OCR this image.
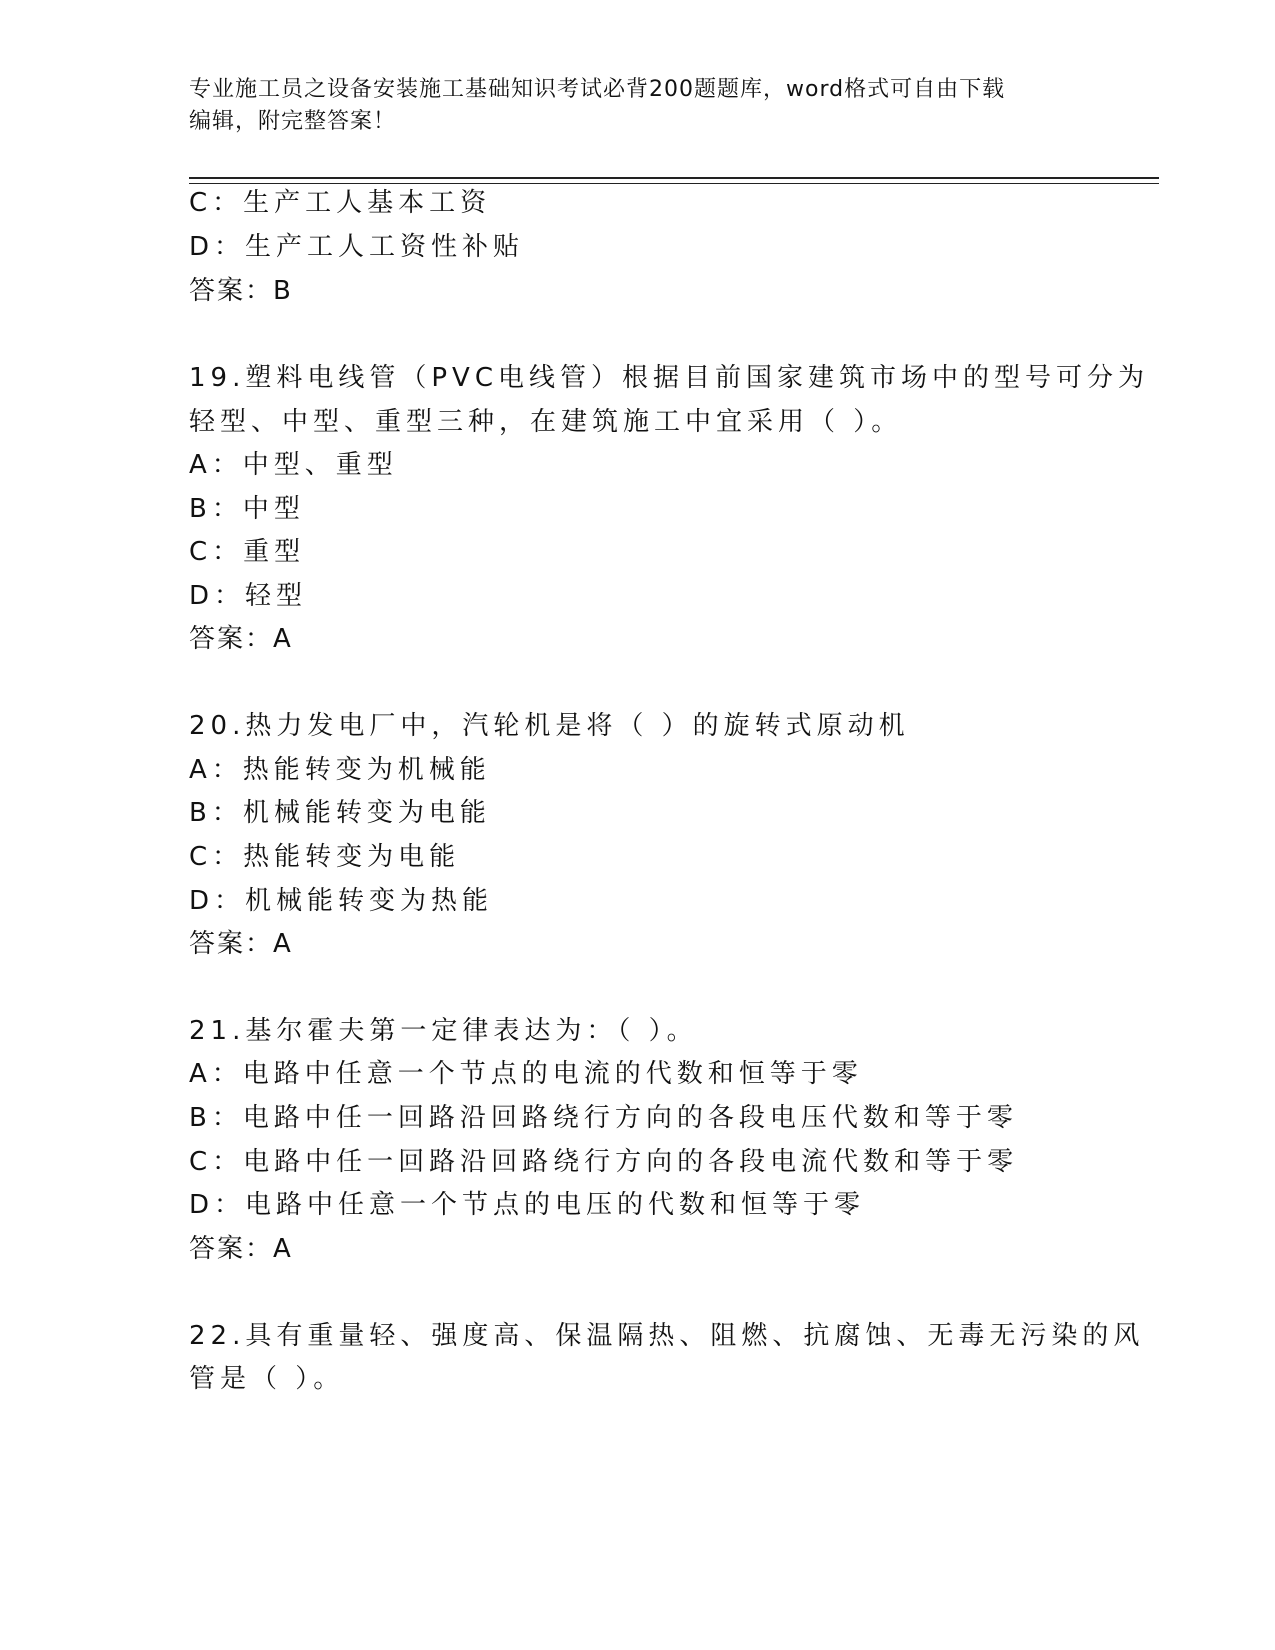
专业施工员之设备安装施工基础知识考试必背200题题库，word格式可自由下载
编辑，附完整答案！
C：生产工人基本工资
D：生产工人工资性补贴
答案：B
19.塑料电线管（PVC电线管）根据目前国家建筑市场中的型号可分为
轻型、中型、重型三种，在建筑施工中宜采用（ ）。
A：中型、重型
B：中型
C：重型
D：轻型
答案：A
20.热力发电厂中，汽轮机是将（ ）的旋转式原动机
A：热能转变为机械能
B：机械能转变为电能
C：热能转变为电能
D：机械能转变为热能
答案：A
21.基尔霍夫第一定律表达为：（ ）。
A：电路中任意一个节点的电流的代数和恒等于零
B：电路中任一回路沿回路绕行方向的各段电压代数和等于零
C：电路中任一回路沿回路绕行方向的各段电流代数和等于零
D：电路中任意一个节点的电压的代数和恒等于零
答案：A
22.具有重量轻、强度高、保温隔热、阻燃、抗腐蚀、无毒无污染的风
管是（ ）。
